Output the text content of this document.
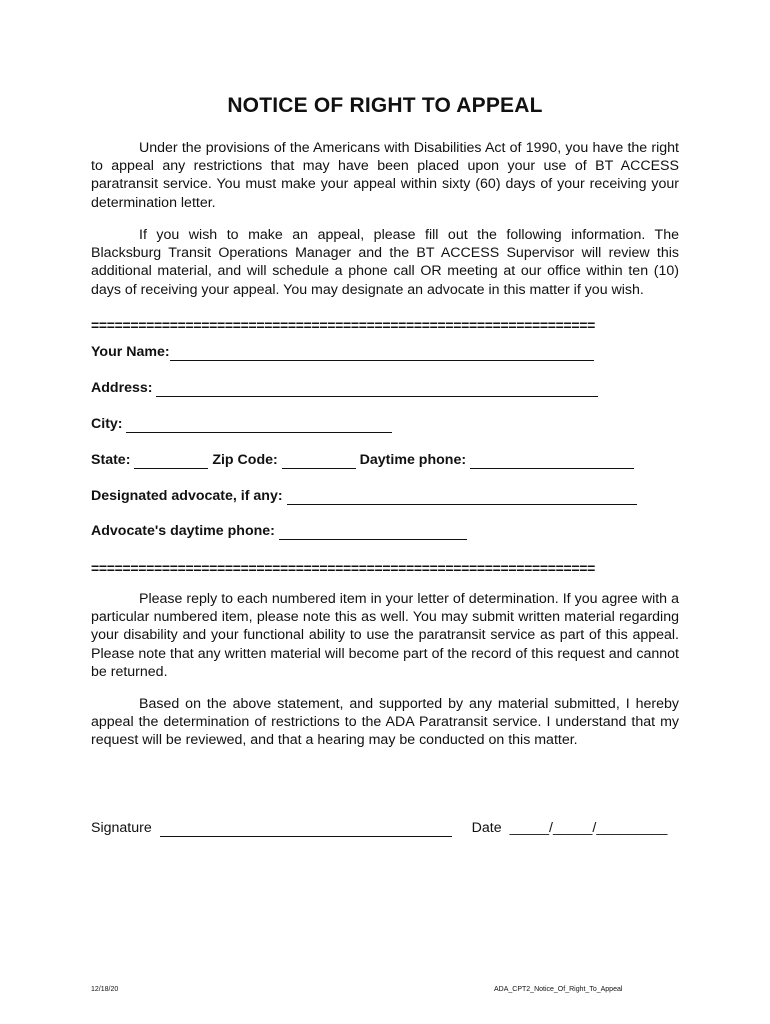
NOTICE OF RIGHT TO APPEAL

Under the provisions of the Americans with Disabilities Act of 1990, you have the right to appeal any restrictions that may have been placed upon your use of BT ACCESS paratransit service. You must make your appeal within sixty (60) days of your receiving your determination letter.

If you wish to make an appeal, please fill out the following information. The Blacksburg Transit Operations Manager and the BT ACCESS Supervisor will review this additional material, and will schedule a phone call OR meeting at our office within ten (10) days of receiving your appeal. You may designate an advocate in this matter if you wish.

================================================================
Your Name:
Address:
City:
State:	Zip Code:	Daytime phone:
Designated advocate, if any:
Advocate's daytime phone:
================================================================

Please reply to each numbered item in your letter of determination. If you agree with a particular numbered item, please note this as well. You may submit written material regarding your disability and your functional ability to use the paratransit service as part of this appeal. Please note that any written material will become part of the record of this request and cannot be returned.

Based on the above statement, and supported by any material submitted, I hereby appeal the determination of restrictions to the ADA Paratransit service. I understand that my request will be reviewed, and that a hearing may be conducted on this matter.

Signature	Date _____/_____/_________
12/18/20	ADA_CPT2_Notice_Of_Right_To_Appeal
